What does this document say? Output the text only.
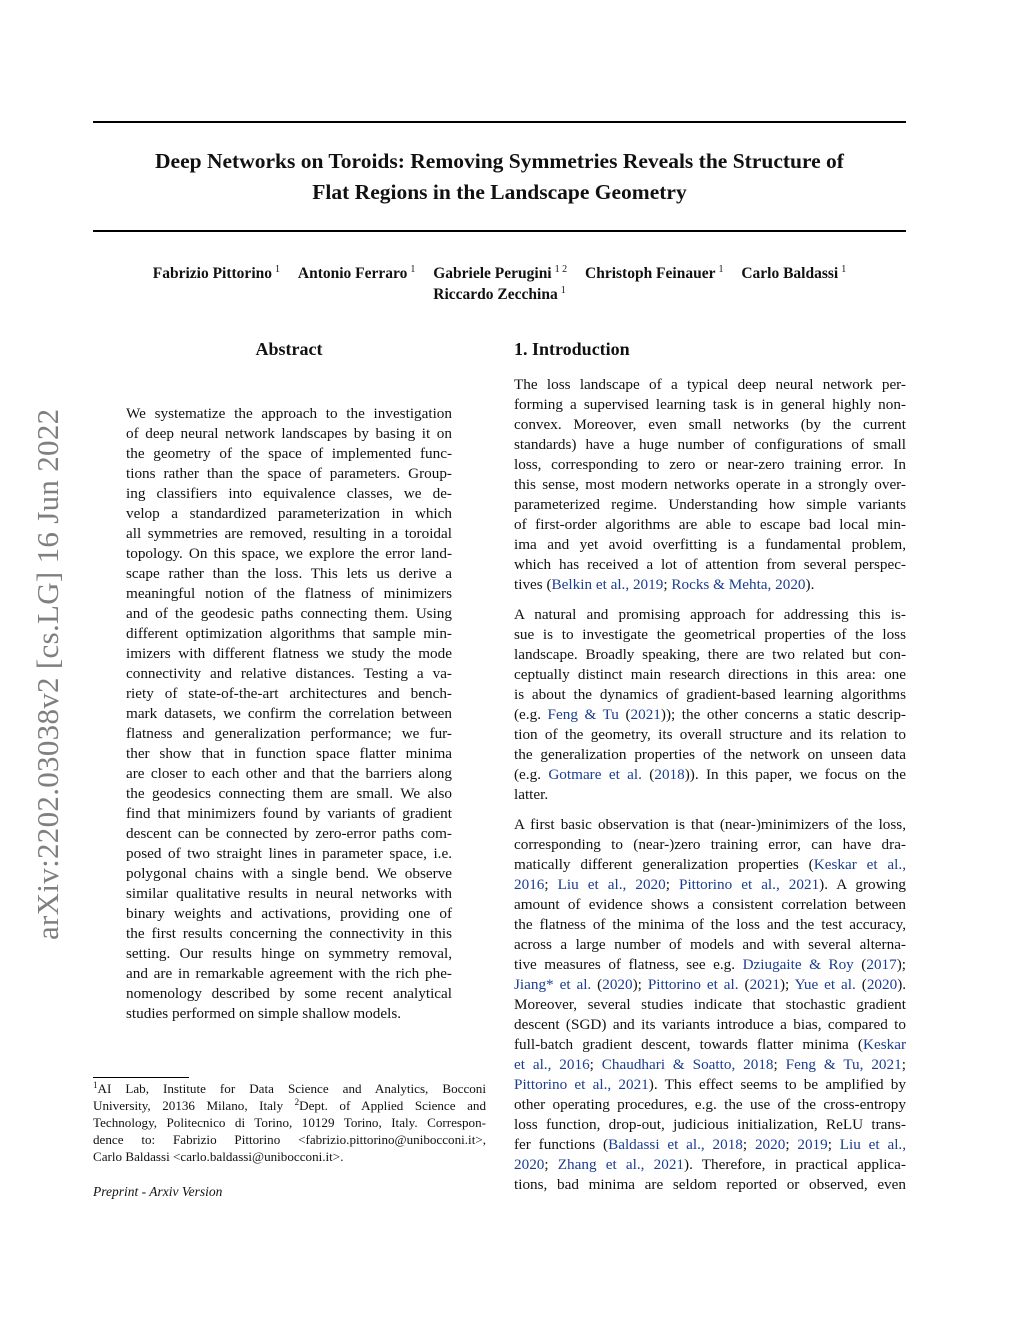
Deep Networks on Toroids: Removing Symmetries Reveals the Structure of
Flat Regions in the Landscape Geometry
Fabrizio Pittorino $^1$ Antonio Ferraro $^1$ Gabriele Perugini $^{1 2}$ Christoph Feinauer $^1$ Carlo Baldassi $^1$
Riccardo Zecchina $^1$
arXiv:2202.03038v2 [cs.LG] 16 Jun 2022
Abstract
We systematize the approach to the investigation
of deep neural network landscapes by basing it on
the geometry of the space of implemented func-
tions rather than the space of parameters. Group-
ing classifiers into equivalence classes, we de-
velop a standardized parameterization in which
all symmetries are removed, resulting in a toroidal
topology. On this space, we explore the error land-
scape rather than the loss. This lets us derive a
meaningful notion of the flatness of minimizers
and of the geodesic paths connecting them. Using
different optimization algorithms that sample min-
imizers with different flatness we study the mode
connectivity and relative distances. Testing a va-
riety of state-of-the-art architectures and bench-
mark datasets, we confirm the correlation between
flatness and generalization performance; we fur-
ther show that in function space flatter minima
are closer to each other and that the barriers along
the geodesics connecting them are small. We also
find that minimizers found by variants of gradient
descent can be connected by zero-error paths com-
posed of two straight lines in parameter space, i.e.
polygonal chains with a single bend. We observe
similar qualitative results in neural networks with
binary weights and activations, providing one of
the first results concerning the connectivity in this
setting. Our results hinge on symmetry removal,
and are in remarkable agreement with the rich phe-
nomenology described by some recent analytical
studies performed on simple shallow models.
$^1$AI Lab, Institute for Data Science and Analytics, Bocconi
University, 20136 Milano, Italy $^2$Dept. of Applied Science and
Technology, Politecnico di Torino, 10129 Torino, Italy. Correspon-
dence to: Fabrizio Pittorino <fabrizio.pittorino@unibocconi.it>,
Carlo Baldassi <carlo.baldassi@unibocconi.it>.
Preprint - Arxiv Version
1. Introduction
The loss landscape of a typical deep neural network per-
forming a supervised learning task is in general highly non-
convex. Moreover, even small networks (by the current
standards) have a huge number of configurations of small
loss, corresponding to zero or near-zero training error. In
this sense, most modern networks operate in a strongly over-
parameterized regime. Understanding how simple variants
of first-order algorithms are able to escape bad local min-
ima and yet avoid overfitting is a fundamental problem,
which has received a lot of attention from several perspec-
tives (Belkin et al., 2019; Rocks & Mehta, 2020).
A natural and promising approach for addressing this is-
sue is to investigate the geometrical properties of the loss
landscape. Broadly speaking, there are two related but con-
ceptually distinct main research directions in this area: one
is about the dynamics of gradient-based learning algorithms
(e.g. Feng & Tu (2021)); the other concerns a static descrip-
tion of the geometry, its overall structure and its relation to
the generalization properties of the network on unseen data
(e.g. Gotmare et al. (2018)). In this paper, we focus on the
latter.
A first basic observation is that (near-)minimizers of the loss,
corresponding to (near-)zero training error, can have dra-
matically different generalization properties (Keskar et al.,
2016; Liu et al., 2020; Pittorino et al., 2021). A growing
amount of evidence shows a consistent correlation between
the flatness of the minima of the loss and the test accuracy,
across a large number of models and with several alterna-
tive measures of flatness, see e.g. Dziugaite & Roy (2017);
Jiang* et al. (2020); Pittorino et al. (2021); Yue et al. (2020).
Moreover, several studies indicate that stochastic gradient
descent (SGD) and its variants introduce a bias, compared to
full-batch gradient descent, towards flatter minima (Keskar
et al., 2016; Chaudhari & Soatto, 2018; Feng & Tu, 2021;
Pittorino et al., 2021). This effect seems to be amplified by
other operating procedures, e.g. the use of the cross-entropy
loss function, drop-out, judicious initialization, ReLU trans-
fer functions (Baldassi et al., 2018; 2020; 2019; Liu et al.,
2020; Zhang et al., 2021). Therefore, in practical applica-
tions, bad minima are seldom reported or observed, even
